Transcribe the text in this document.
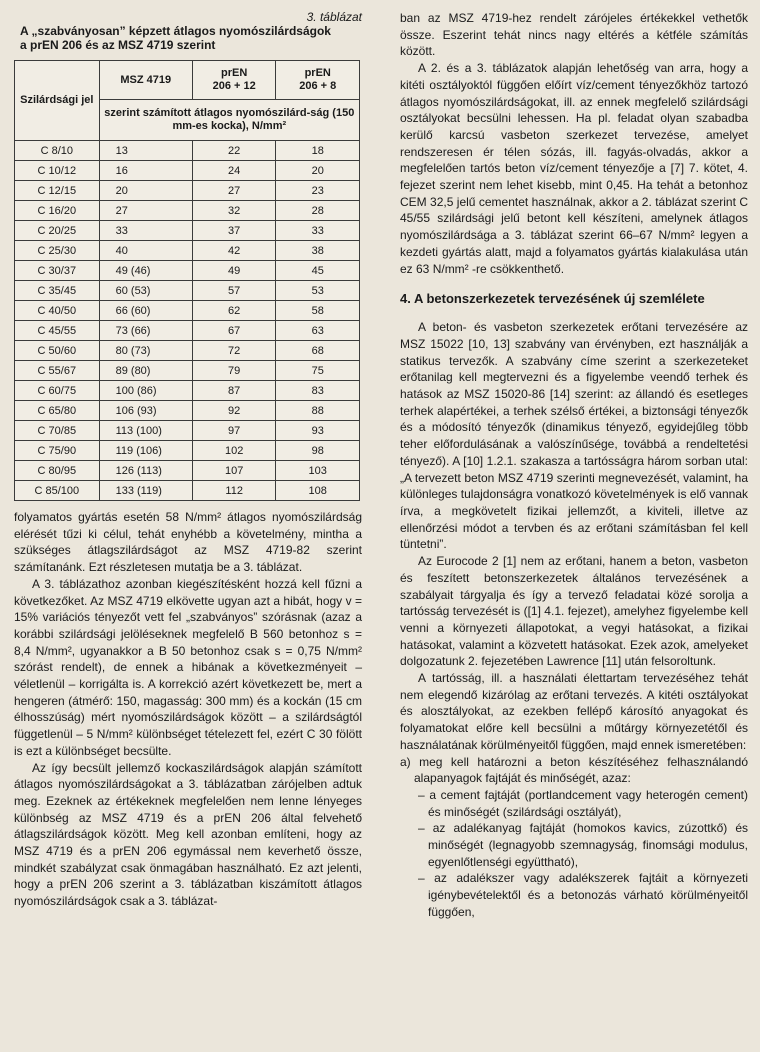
3. táblázat
A „szabványosan” képzett átlagos nyomószilárdságok
a prEN 206 és az MSZ 4719 szerint
Szilárdsági jel	MSZ 4719	prEN 206 + 12	prEN 206 + 8
	szerint számított átlagos nyomószilárd-ság (150 mm-es kocka), N/mm²		
C 8/10	13	22	18
C 10/12	16	24	20
C 12/15	20	27	23
C 16/20	27	32	28
C 20/25	33	37	33
C 25/30	40	42	38
C 30/37	49 (46)	49	45
C 35/45	60 (53)	57	53
C 40/50	66 (60)	62	58
C 45/55	73 (66)	67	63
C 50/60	80 (73)	72	68
C 55/67	89 (80)	79	75
C 60/75	100 (86)	87	83
C 65/80	106 (93)	92	88
C 70/85	113 (100)	97	93
C 75/90	119 (106)	102	98
C 80/95	126 (113)	107	103
C 85/100	133 (119)	112	108

folyamatos gyártás esetén 58 N/mm² átlagos nyomószilárdság elérését tűzi ki célul, tehát enyhébb a követelmény, mintha a szükséges átlagszilárdságot az MSZ 4719-82 szerint számítanánk. Ezt részletesen mutatja be a 3. táblázat.

A 3. táblázathoz azonban kiegészítésként hozzá kell fűzni a következőket. Az MSZ 4719 elkövette ugyan azt a hibát, hogy v = 15% variációs tényezőt vett fel „szabványos” szórásnak (azaz a korábbi szilárdsági jelöléseknek megfelelő B 560 betonhoz s = 8,4 N/mm², ugyanakkor a B 50 betonhoz csak s = 0,75 N/mm² szórást rendelt), de ennek a hibának a következményeit – véletlenül – korrigálta is. A korrekció azért következett be, mert a hengeren (átmérő: 150, magasság: 300 mm) és a kockán (15 cm élhosszúság) mért nyomószilárdságok között – a szilárdságtól függetlenül – 5 N/mm² különbséget tételezett fel, ezért C 30 fölött is ezt a különbséget becsülte.

Az így becsült jellemző kockaszilárdságok alapján számított átlagos nyomószilárdságokat a 3. táblázatban zárójelben adtuk meg. Ezeknek az értékeknek megfelelően nem lenne lényeges különbség az MSZ 4719 és a prEN 206 által felvehető átlagszilárdságok között. Meg kell azonban említeni, hogy az MSZ 4719 és a prEN 206 egymással nem keverhető össze, mindkét szabályzat csak önmagában használható. Ez azt jelenti, hogy a prEN 206 szerint a 3. táblázatban kiszámított átlagos nyomószilárdságok csak a 3. táblázat-

ban az MSZ 4719-hez rendelt zárójeles értékekkel vethetők össze. Eszerint tehát nincs nagy eltérés a kétféle számítás között.

A 2. és a 3. táblázatok alapján lehetőség van arra, hogy a kitéti osztályoktól függően előírt víz/cement tényezőkhöz tartozó átlagos nyomószilárdságokat, ill. az ennek megfelelő szilárdsági osztályokat becsülni lehessen. Ha pl. feladat olyan szabadba kerülő karcsú vasbeton szerkezet tervezése, amelyet rendszeresen ér télen sózás, ill. fagyás-olvadás, akkor a megfelelően tartós beton víz/cement tényezője a [7] 7. kötet, 4. fejezet szerint nem lehet kisebb, mint 0,45. Ha tehát a betonhoz CEM 32,5 jelű cementet használnak, akkor a 2. táblázat szerint C 45/55 szilárdsági jelű betont kell készíteni, amelynek átlagos nyomószilárdsága a 3. táblázat szerint 66–67 N/mm² legyen a kezdeti gyártás alatt, majd a folyamatos gyártás kialakulása után ez 63 N/mm² -re csökkenthető.

4. A betonszerkezetek tervezésének új szemlélete

A beton- és vasbeton szerkezetek erőtani tervezésére az MSZ 15022 [10, 13] szabvány van érvényben, ezt használják a statikus tervezők. A szabvány címe szerint a szerkezeteket erőtanilag kell megtervezni és a figyelembe veendő terhek és hatások az MSZ 15020-86 [14] szerint: az állandó és esetleges terhek alapértékei, a terhek szélső értékei, a biztonsági tényezők és a módosító tényezők (dinamikus tényező, egyidejűleg több teher előfordulásának a valószínűsége, továbbá a rendeltetési tényező). A [10] 1.2.1. szakasza a tartósságra három sorban utal: „A tervezett beton MSZ 4719 szerinti megnevezését, valamint, ha különleges tulajdonságra vonatkozó követelmények is elő vannak írva, a megkövetelt fizikai jellemzőt, a kiviteli, illetve az ellenőrzési módot a tervben és az erőtani számításban fel kell tüntetni”.

Az Eurocode 2 [1] nem az erőtani, hanem a beton, vasbeton és feszített betonszerkezetek általános tervezésének a szabályait tárgyalja és így a tervező feladatai közé sorolja a tartósság tervezését is ([1] 4.1. fejezet), amelyhez figyelembe kell venni a környezeti állapotokat, a vegyi hatásokat, a fizikai hatásokat, valamint a közvetett hatásokat. Ezek azok, amelyeket dolgozatunk 2. fejezetében Lawrence [11] után felsoroltunk.

A tartósság, ill. a használati élettartam tervezéséhez tehát nem elegendő kizárólag az erőtani tervezés. A kitéti osztályokat és alosztályokat, az ezekben fellépő károsító anyagokat és folyamatokat előre kell becsülni a műtárgy környezetétől és használatának körülményeitől függően, majd ennek ismeretében:

a) meg kell határozni a beton készítéséhez felhasználandó alapanyagok fajtáját és minőségét, azaz:
– a cement fajtáját (portlandcement vagy heterogén cement) és minőségét (szilárdsági osztályát),
– az adalékanyag fajtáját (homokos kavics, zúzottkő) és minőségét (legnagyobb szemnagyság, finomsági modulus, egyenlőtlenségi együttható),
– az adalékszer vagy adalékszerek fajtáit a környezeti igénybevételektől és a betonozás várható körülményeitől függően,
